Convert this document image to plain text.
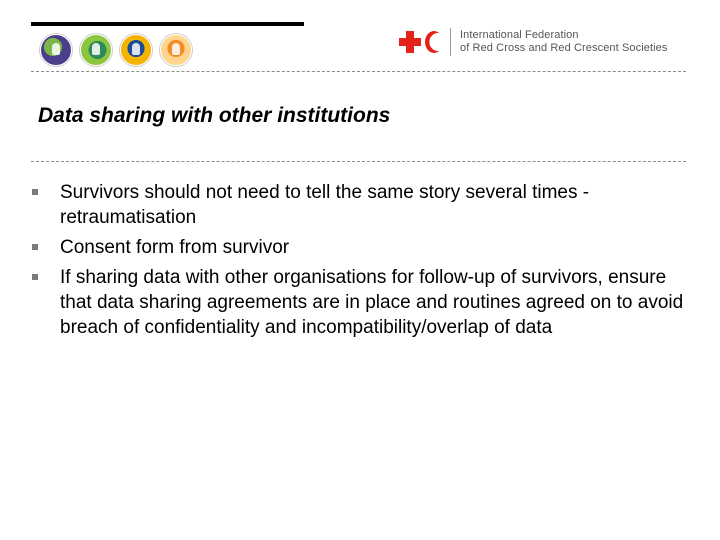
International Federation
of Red Cross and Red Crescent Societies
Data sharing with other institutions
Survivors should not need to tell the same story several times - retraumatisation
Consent form from survivor
If sharing data with other organisations for follow-up of survivors, ensure that data sharing agreements are in place and routines agreed on to avoid breach of confidentiality and incompatibility/overlap of data
